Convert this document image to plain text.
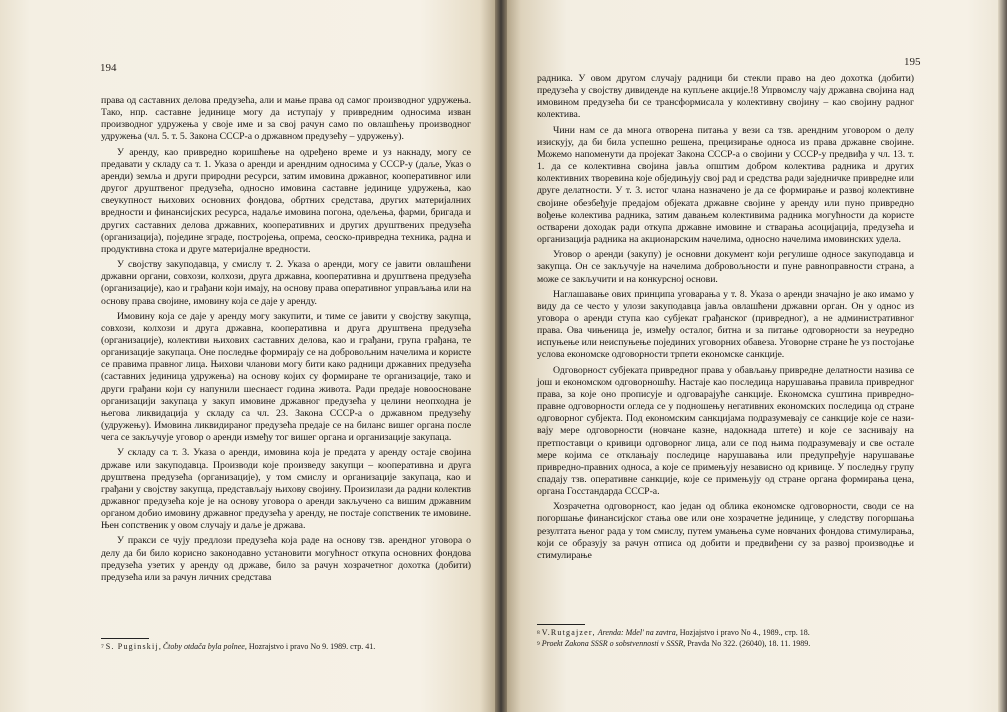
194

права од саставних делова предузећа, али и мање права од самог производног удружења. Тако, нпр. саставне јединице могу да иступају у привредним односима изван производног удружења у своје име и за свој рачун само по овлашћењу производног удружења (чл. 5. т. 5. Закона СССР-а о државном предузећу – удружењу).

У аренду, као привредно коришћење на одређено време и уз накнаду, могу се предавати у складу са т. 1. Указа о аренди и арендним односима у СССР-у (даље, Указ о аренди) земља и други природни ресурси, затим имовина државног, кооперативног или другог друштвеног предузећа, односно имовина саставне јединице удружења, као свеукупност њихових основних фондова, обртних средстава, других материјалних вредности и финансијских ресурса, надаље имовина погона, одељења, фарми, бригада и других саставних делова државних, кооперативних и других друштвених предузећа (организација), појединe зграде, постројења, опрема, сеоско-привредна техника, радна и продуктивна стока и друге материјалне вредности.

У својству закуподавца, у смислу т. 2. Указа о аренди, могу се јавити овлашћени државни органи, совхози, колхози, друга државна, кооперативна и друштвена предузећа (организације), као и грађани који имају, на основу права оперативног управљања или на основу права својине, имовину која се даје у аренду.

Имовину која се даје у аренду могу закупити, и тиме се јавити у својству закупца, совхози, колхози и друга државна, кооперативна и друга друштвена предузећа (организације), колективи њихових саставних делова, као и грађани, група грађана, те организације закупаца. Оне последње формирају се на добровољним начелима и користе се правима правног лица. Њихови чланови могу бити како радници државних предузећа (саставних јединица удружења) на основу којих су формиране те организације, тако и други грађани који су напунили шеснаест година живота. Ради предаје новоосноване организацији закупаца у закуп имовине државног предузећа у целини неопходна је његова ликвидација у складу са чл. 23. Закона СССР-а о државном предузећу (удружењу). Имовина ликвидираног предузећа предаје се на биланс вишег органа после чега се закључује уговор о аренди између тог вишег органа и организације закупаца.

У складу са т. 3. Указа о аренди, имовина која је предата у аренду остаје својина државе или закуподавца. Производи које произведу закупци – кооперативна и друга друштвена предузећа (организације), у том смислу и организације закупаца, као и грађани у својству закупца, представљају њихову својину. Произилази да радни колектив државног предузећа које је на основу уговора о аренди закључено са вишим државним органом добио имовину државног предузећа у аренду, не постаје сопственик те имовине. Њен сопственик у овом случају и даље је држава.

У пракси се чују предлози предузећа која раде на основу тзв. арендног уговора о делу да би било корисно законодавно установити могућност откупа основних фондова предузећа узетих у аренду од државе, било за рачун хозрачетног дохотка (добити) предузећа или за рачун личних средстава

$^7$ S. Puginskij, Čtoby otdača byla polnee, Hozrajstvo i pravo No 9. 1989. стр. 41.

195

радника. У овом другом случају радници би стекли право на део дохотка (добити) предузећа у својству дивиденде на купљене акције.!8 Упрвомслу чају државна својина над имовином предузећа би се трансформисала у колективну својину – као својину радног колектива.

Чини нам се да многа отворена питања у вези са тзв. арендним уговором о делу изискују, да би била успешно решена, прецизирање односа из права државне својине. Можемо напоменути да пројекат Закона СССР-а о својини у СССР-у предвиђа у чл. 13. т. 1. да се колективна својина јавља општим добром колектива радника и других колективних творевина које обједињују свој рад и средства ради заједничке привредне или друге делатности. У т. 3. истог члана назначено је да се формирање и развој колективне својине обезбеђује предајом објеката државне својине у аренду или пуно привредно вођење колектива радника, затим давањем колективима радника могућности да користе остварени доходак ради откупа државне имовине и стварања асоцијација, предузећа и организација радника на акционарским начелима, односно начелима имовинских удела.

Уговор о аренди (закупу) је основни документ који регулише односе закуподавца и закупца. Он се закључује на начелима добровољности и пуне равноправности страна, а може се закључити и на конкурсној основи.

Наглашавање ових принципа уговарања у т. 8. Указа о аренди значајно је ако имамо у виду да се често у улози закуподавца јавља овлашћени државни орган. Он у однос из уговора о аренди ступа као субјекат грађанског (привредног), а не административног права. Ова чињеница је, између осталог, битна и за питање одговорности за неуредно испуњење или неиспуњење појединих уговорних обавеза. Уговорне стране ће уз постојање услова економске одговорности трпети економске санкције.

Одговорност субјеката привредног права у обављању привредне делатности назива се још и економском одговорношћу. Настаје као последица нарушавања правила привредног права, за које оно прописује и одговарајуће санкције. Економска суштина привредно-правне одговорности огледа се у подношењу негативних економских последица од стране одговорног субјекта. Под економским санкцијама подразумевају се санкције које се називају мере одговорности (новчане казне, надокнада штете) и које се заснивају на претпоставци о кривици одговорног лица, али се под њима подразумевају и све остале мере којима се отклањају последице нарушавања или предупређује нарушавање привредно-правних односа, а које се примењују независно од кривице. У последњу групу спадају тзв. оперативне санкције, које се примењују од стране органа формирања цена, органа Госстандарда СССР-а.

Хозрачетна одговорност, као један од облика економске одговорности, своди се на погоршање финансијског стања ове или оне хозрачетне јединице, у следству погоршања резултата њеног рада у том смислу, путем умањења суме новчаних фондова стимулирања, који се образују за рачун отписа од добити и предвиђени су за развој производње и стимулирање

$^8$ V.Rutgajzer, Arenda: Mdel' na zavtra, Hozjajstvo i pravo No 4., 1989., стр. 18.

$^9$ Proekt Zakona SSSR o sobstvennosti v SSSR, Pravda No 322. (26040), 18. 11. 1989.
